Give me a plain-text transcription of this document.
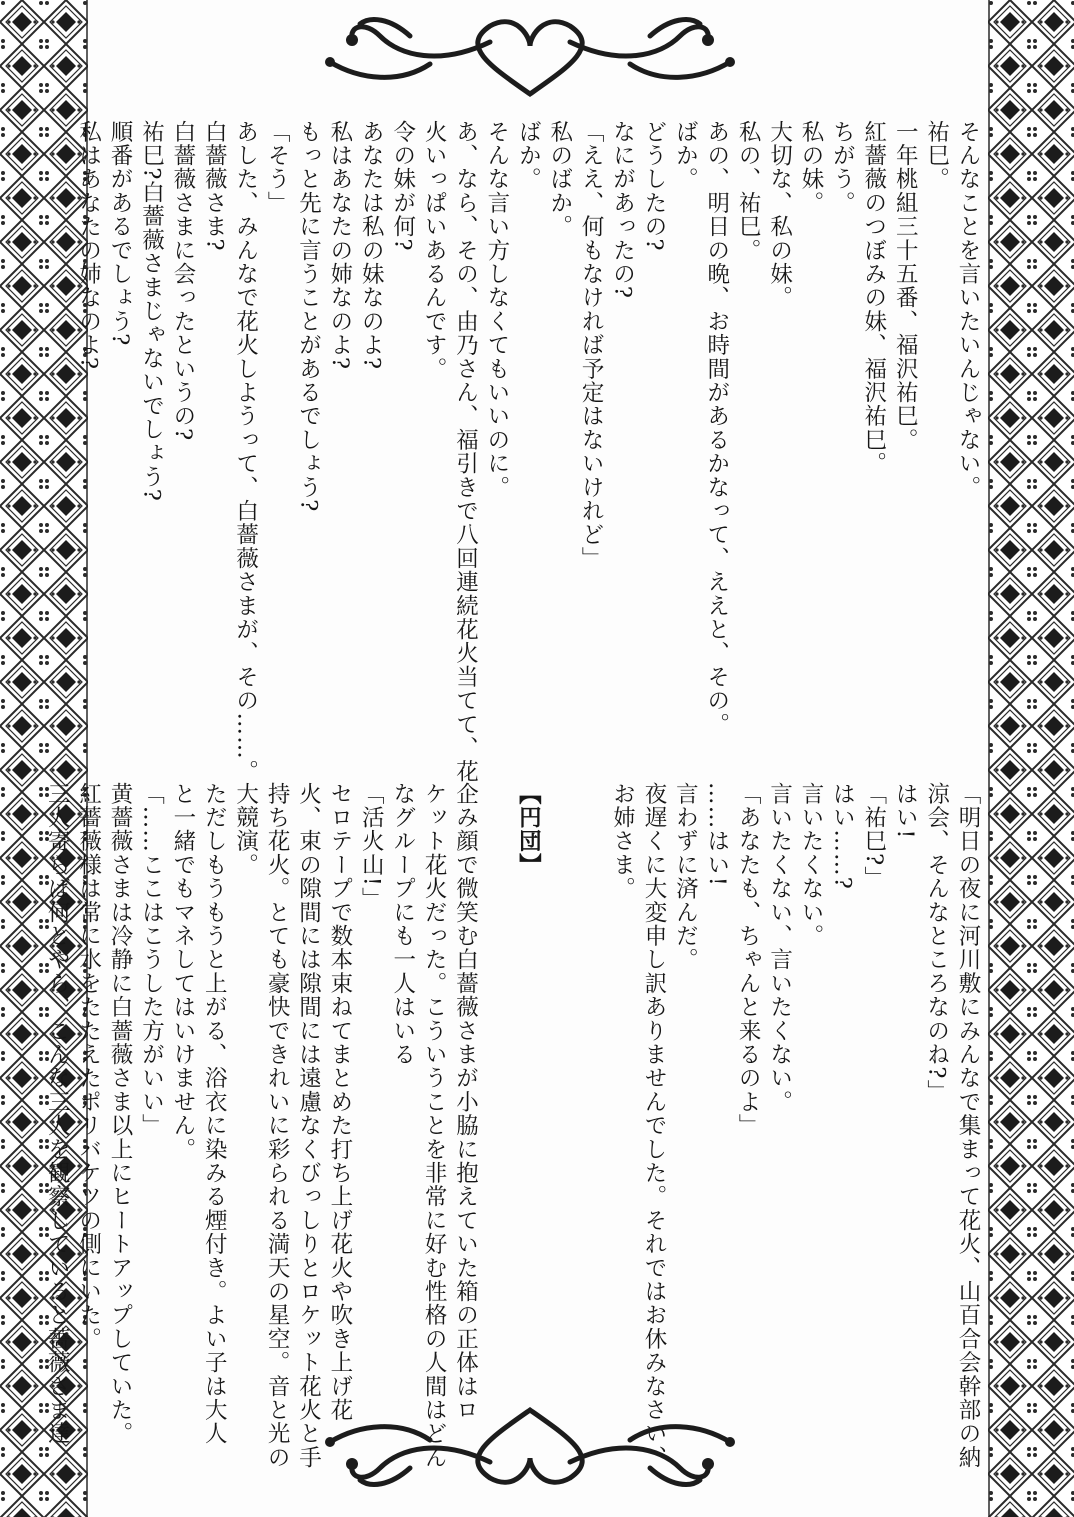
そんなことを言いたいんじゃない。
祐巳。
一年桃組三十五番、福沢祐巳。
紅薔薇のつぼみの妹、福沢祐巳。
ちがう。
私の妹。
大切な、私の妹。
私の、祐巳。
あの、明日の晩、お時間があるかなって、ええと、その。
ばか。
どうしたの?
なにがあったの?
「ええ、何もなければ予定はないけれど」
私のばか。
ばか。
そんな言い方しなくてもいいのに。
あ、なら、その、由乃さん、福引きで八回連続花火当てて、花
火いっぱいあるんです。
令の妹が何?
あなたは私の妹なのよ?
私はあなたの姉なのよ?
もっと先に言うことがあるでしょう?
「そう」
あした、みんなで花火しようって、白薔薇さまが、その……。
白薔薇さま?
白薔薇さまに会ったというの?
祐巳?白薔薇さまじゃないでしょう?
順番があるでしょう?
私はあなたの姉なのよ?
「明日の夜に河川敷にみんなで集まって花火、山百合会幹部の納
涼会、そんなところなのね?」
はい!
「祐巳?」
はい……?
言いたくない。
言いたくない、言いたくない。
「あなたも、ちゃんと来るのよ」
……はい!
言わずに済んだ。
夜遅くに大変申し訳ありませんでした。それではお休みなさい、
お姉さま。

【円団】

企み顔で微笑む白薔薇さまが小脇に抱えていた箱の正体はロ
ケット花火だった。こういうことを非常に好む性格の人間はどん
なグループにも一人はいる
「活火山!」
セロテープで数本束ねてまとめた打ち上げ花火や吹き上げ花
火、束の隙間には隙間には遠慮なくびっしりとロケット花火と手
持ち花火。とても豪快できれいに彩られる満天の星空。音と光の
大競演。
ただしもうもうと上がる、浴衣に染みる煙付き。よい子は大人
と一緒でもマネしてはいけません。
「……ここはこうした方がいい」
黄薔薇さまは冷静に白薔薇さま以上にヒートアップしていた。
紅薔薇様は常に水をたたえたポリバケツの側にいた。
三人寄らば何とやら、こんな三人を観察していると薔薇さま達
